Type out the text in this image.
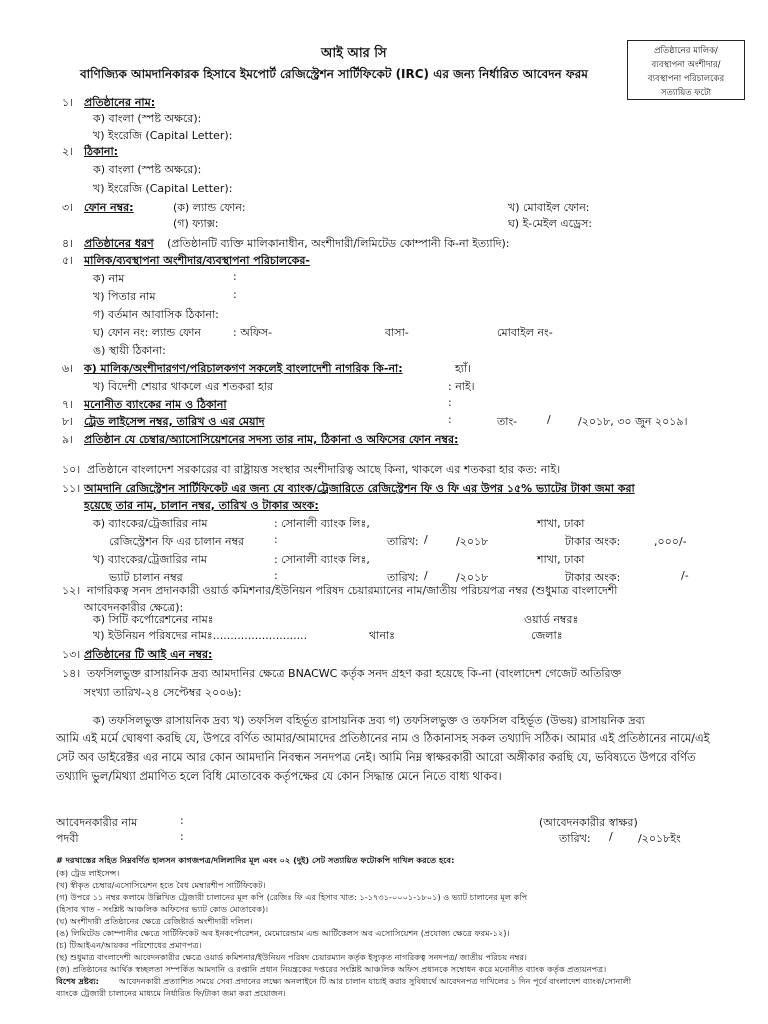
আই আর সি
বাণিজ্যিক আমদানিকারক হিসাবে ইমপোর্ট রেজিস্ট্রেশন সার্টিফিকেট (IRC) এর জন্য নির্ধারিত আবেদন ফরম
প্রতিষ্ঠানের মালিক/
ব্যবস্থাপনা অংশীদার/
ব্যবস্থাপনা পরিচালকের
সত্যায়িত ফটো
১। প্রতিষ্ঠানের নাম:
ক) বাংলা (স্পষ্ট অক্ষরে):
খ) ইংরেজি (Capital Letter):
২। ঠিকানা:
ক) বাংলা (স্পষ্ট অক্ষরে):
খ) ইংরেজি (Capital Letter):
৩। ফোন নম্বর:	(ক) ল্যান্ড ফোন:	খ) মোবাইল ফোন:
(গ) ফ্যাক্স:	ঘ) ই-মেইল এড্রেস:
৪। প্রতিষ্ঠানের ধরণ (প্রতিষ্ঠানটি ব্যক্তি মালিকানাধীন, অংশীদারী/লিমিটেড কোম্পানী কি-না ইত্যাদি):
৫। মালিক/ব্যবস্থাপনা অংশীদার/ব্যবস্থাপনা পরিচালকের-
ক) নাম	:
খ) পিতার নাম	:
গ) বর্তমান আবাসিক ঠিকানা:
ঘ) ফোন নং: ল্যান্ড ফোন	: অফিস-	বাসা-	মোবাইল নং-
ঙ) স্থায়ী ঠিকানা:
৬। ক) মালিক/অংশীদারগণ/পরিচালকগণ সকলেই বাংলাদেশী নাগরিক কি-না:	হ্যাঁ।
খ) বিদেশী শেয়ার থাকলে এর শতকরা হার	: নাই।
৭। মনোনীত ব্যাংকের নাম ও ঠিকানা	:
৮। ট্রেড লাইসেন্স নম্বর, তারিখ ও এর মেয়াদ	:	তাং-	/ /২০১৮, ৩০ জুন ২০১৯।
৯। প্রতিষ্ঠান যে চেম্বার/অ্যাসোসিয়েশনের সদস্য তার নাম, ঠিকানা ও অফিসের ফোন নম্বর:
১০। প্রতিষ্ঠানে বাংলাদেশ সরকারের বা রাষ্ট্রায়ত্ত সংস্থার অংশীদারিত্ব আছে কিনা, থাকলে এর শতকরা হার কত: নাই।
১১। আমদানি রেজিস্ট্রেশন সার্টিফিকেট এর জন্য যে ব্যাংক/ট্রেজারিতে রেজিস্ট্রেশন ফি ও ফি এর উপর ১৫% ভ্যাটের টাকা জমা করা
হয়েছে তার নাম, চালান নম্বর, তারিখ ও টাকার অংক:
ক) ব্যাংকের/ট্রেজারির নাম	: সোনালী ব্যাংক লিঃ,	শাখা, ঢাকা
রেজিস্ট্রেশন ফি এর চালান নম্বর	:	তারিখ: /	/২০১৮	টাকার অংক:	,০০০/-
খ) ব্যাংকের/ট্রেজারির নাম	: সোনালী ব্যাংক লিঃ,	শাখা, ঢাকা
ভ্যাট চালান নম্বর	:	তারিখ: /	/২০১৮	টাকার অংক:	/-
১২। নাগরিকত্ব সনদ প্রদানকারী ওয়ার্ড কমিশনার/ইউনিয়ন পরিষদ চেয়ারম্যানের নাম/জাতীয় পরিচয়পত্র নম্বর (শুধুমাত্র বাংলাদেশী
আবেদনকারীর ক্ষেত্রে):
ক) সিটি কর্পোরেশনের নামঃ	ওয়ার্ড নম্বরঃ
খ) ইউনিয়ন পরিষদের নামঃ...........................	থানাঃ	জেলাঃ
১৩। প্রতিষ্ঠানের টি আই এন নম্বর:
১৪। তফসিলভুক্ত রাসায়নিক দ্রব্য আমদানির ক্ষেত্রে BNACWC কর্তৃক সনদ গ্রহণ করা হয়েছে কি-না (বাংলাদেশ গেজেট অতিরিক্ত
সংখ্যা তারিখ-২৪ সেপ্টেম্বর ২০০৬):
ক) তফসিলভুক্ত রাসায়নিক দ্রব্য খ) তফসিল বহির্ভূত রাসায়নিক দ্রব্য গ) তফসিলভুক্ত ও তফসিল বহির্ভূত (উভয়) রাসায়নিক দ্রব্য
আমি এই মর্মে ঘোষণা করছি যে, উপরে বর্ণিত আমার/আমাদের প্রতিষ্ঠানের নাম ও ঠিকানাসহ সকল তথ্যাদি সঠিক। আমার এই প্রতিষ্ঠানের নামে/এই সেট অব ডাইরেক্টর এর নামে আর কোন আমদানি নিবন্ধন সনদপত্র নেই। আমি নিম্ন স্বাক্ষরকারী আরো অঙ্গীকার করছি যে, ভবিষ্যতে উপরে বর্ণিত তথ্যাদি ভুল/মিথ্যা প্রমাণিত হলে বিধি মোতাবেক কর্তৃপক্ষের যে কোন সিদ্ধান্ত মেনে নিতে বাধ্য থাকব।
আবেদনকারীর নাম	:	(আবেদনকারীর স্বাক্ষর)
পদবী	:	তারিখ: / /২০১৮ইং
# দরখাস্তের সহিত নিম্নবর্ণিত হালসন কাগজপত্র/দলিলাদির মূল এবং ০২ (দুই) সেট সত্যায়িত ফটোকপি দাখিল করতে হবে:
(ক) ট্রেড লাইসেন্স।
(খ) স্বীকৃত চেম্বার/এসোসিয়েশন হতে বৈধ মেম্বারশীপ সার্টিফিকেট।
(গ) উপরে ১১ নম্বর কলামে উল্লিখিত ট্রেজারী চালানের মূল কপি (রেজিঃ ফি এর হিসাব খাত: ১-১৭৩১-০০০১-১৮০১) ও ভ্যাট চালানের মূল কপি
(হিসাব খাত - সংশ্লিষ্ট আঞ্চলিক অফিসের ভ্যাট কোড মোতাবেক)।
(ঘ) অংশীদারী প্রতিষ্ঠানের ক্ষেত্রে রেজিষ্টার্ড অংশীদারী দলিল।
(ঙ) লিমিটেড কোম্পানীর ক্ষেত্রে সার্টিফিকেট অব ইনকর্পোরেশন, মেমোরেন্ডাম এন্ড আর্টিকেলস অব এসোসিয়েশন (প্রযোজ্য ক্ষেত্রে ফরম-১২)।
(চ) টিআইএন/আয়কর পরিশোধের প্রমাণপত্র।
(ছ) শুধুমাত্র বাংলাদেশী আবেদনকারীর ক্ষেত্রে ওয়ার্ড কমিশনার/ইউনিয়ন পরিষদ চেয়ারম্যান কর্তৃক ইস্যুকৃত নাগরিকত্ব সনদপত্র/ জাতীয় পরিচয় নম্বর।
(জ) প্রতিষ্ঠানের আর্থিক স্বচ্ছলতা সম্পর্কিত আমদানি ও রপ্তানি প্রধান নিয়ন্ত্রকের দপ্তরের সংশ্লিষ্ট আঞ্চলিক অফিস প্রধানকে সম্বোধন করে মনোনীত ব্যাংক কর্তৃক প্রত্যয়নপত্র।
বিশেষ দ্রষ্টব্য: আবেদনকারী প্রত্যাশিত সময়ে সেবা প্রদানের লক্ষ্যে অনলাইনে টি আর চালান যাচাই করার সুবিধার্থে আবেদনপত্র দাখিলের ১ দিন পূর্বে বাংলাদেশ ব্যাংক/সোনালী
ব্যাংকে ট্রেজারী চালানের মাধ্যমে নির্ধারিত ফি/টাকা জমা করা প্রয়োজন।
